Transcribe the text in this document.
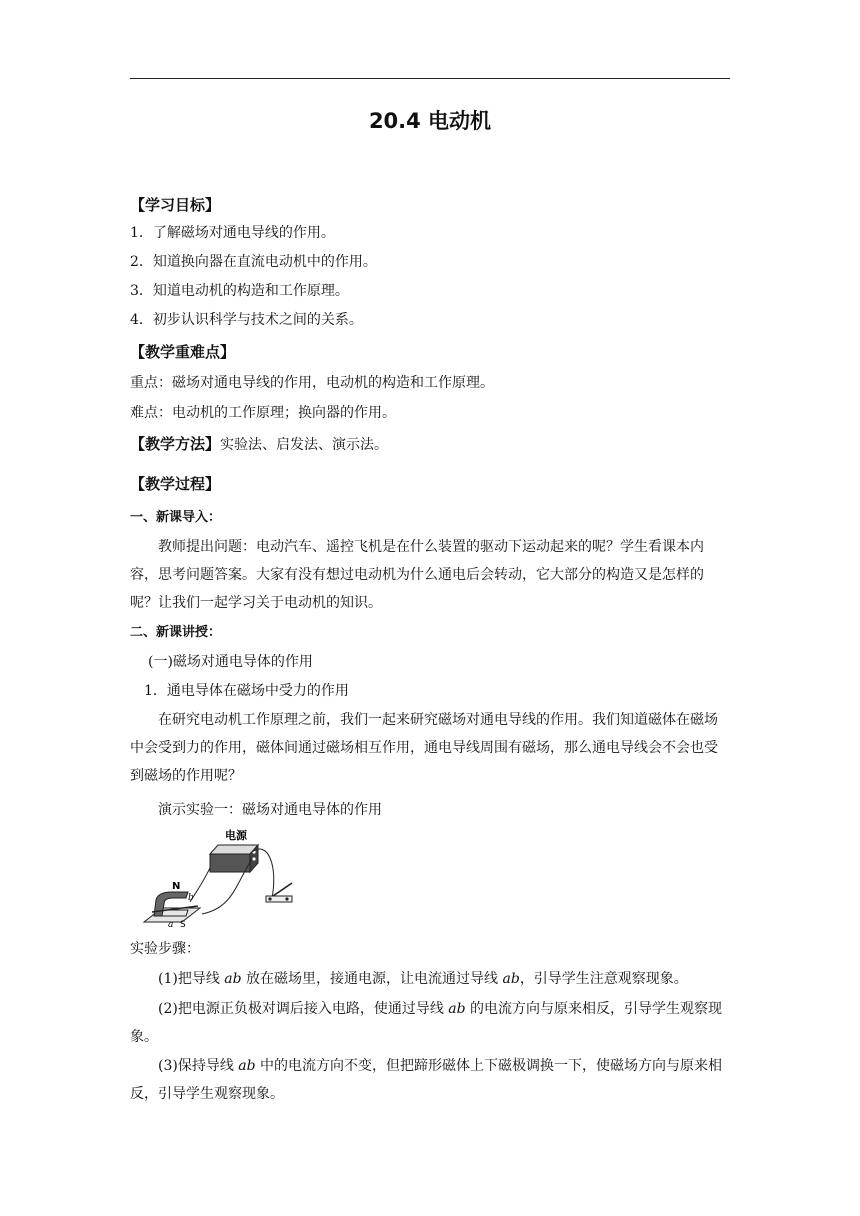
20.4 电动机
【学习目标】
1．了解磁场对通电导线的作用。
2．知道换向器在直流电动机中的作用。
3．知道电动机的构造和工作原理。
4．初步认识科学与技术之间的关系。
【教学重难点】
重点：磁场对通电导线的作用，电动机的构造和工作原理。
难点：电动机的工作原理；换向器的作用。
【教学方法】实验法、启发法、演示法。
【教学过程】
一、新课导入：
教师提出问题：电动汽车、遥控飞机是在什么装置的驱动下运动起来的呢？学生看课本内容，思考问题答案。大家有没有想过电动机为什么通电后会转动，它大部分的构造又是怎样的呢？让我们一起学习关于电动机的知识。
二、新课讲授：
(一)磁场对通电导体的作用
1．通电导体在磁场中受力的作用
在研究电动机工作原理之前，我们一起来研究磁场对通电导线的作用。我们知道磁体在磁场中会受到力的作用，磁体间通过磁场相互作用，通电导线周围有磁场，那么通电导线会不会也受到磁场的作用呢？
演示实验一：磁场对通电导体的作用
电源
N
b
a S
实验步骤：
(1)把导线 ab 放在磁场里，接通电源，让电流通过导线 ab，引导学生注意观察现象。
(2)把电源正负极对调后接入电路，使通过导线 ab 的电流方向与原来相反，引导学生观察现象。
(3)保持导线 ab 中的电流方向不变，但把蹄形磁体上下磁极调换一下，使磁场方向与原来相反，引导学生观察现象。
